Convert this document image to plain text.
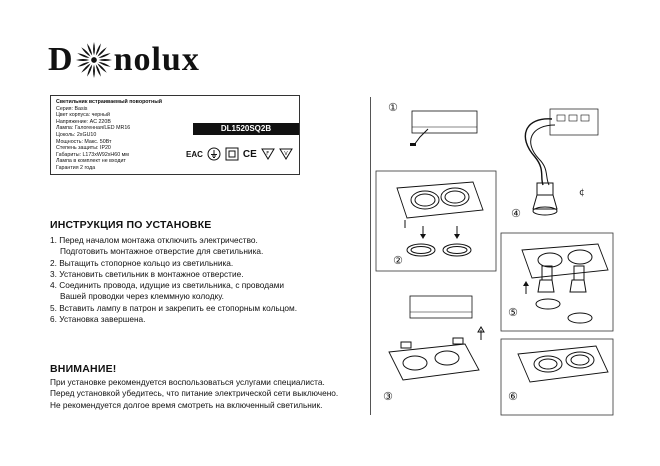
D nolux
Светильник встраиваемый поворотный
Серия: Basis
Цвет корпуса: черный
Напряжение: AC 220В
Лампа: Галогенная/LED MR16
Цоколь: 2хGU10
Мощность: Макс. 50Вт
Степень защиты: IP20
Габариты: L173хW92хH60 мм
Лампа в комплект не входит
Гарантия 2 года
DL1520SQ2B
EAC	CE F	V
ИНСТРУКЦИЯ ПО УСТАНОВКЕ
1. Перед началом монтажа отключить электричество.
Подготовить монтажное отверстие для светильника.
2. Вытащить стопорное кольцо из светильника.
3. Установить светильник в монтажное отверстие.
4. Соединить провода, идущие из светильника, с проводами
Вашей проводки через клеммную колодку.
5. Вставить лампу в патрон и закрепить ее стопорным кольцом.
6. Установка завершена.
ВНИМАНИЕ!
При установке рекомендуется воспользоваться услугами специалиста.
Перед установкой убедитесь, что питание электрической сети выключено.
Не рекомендуется долгое время смотреть на включенный светильник.
①
②
③
¢
④
⑤
⑥
